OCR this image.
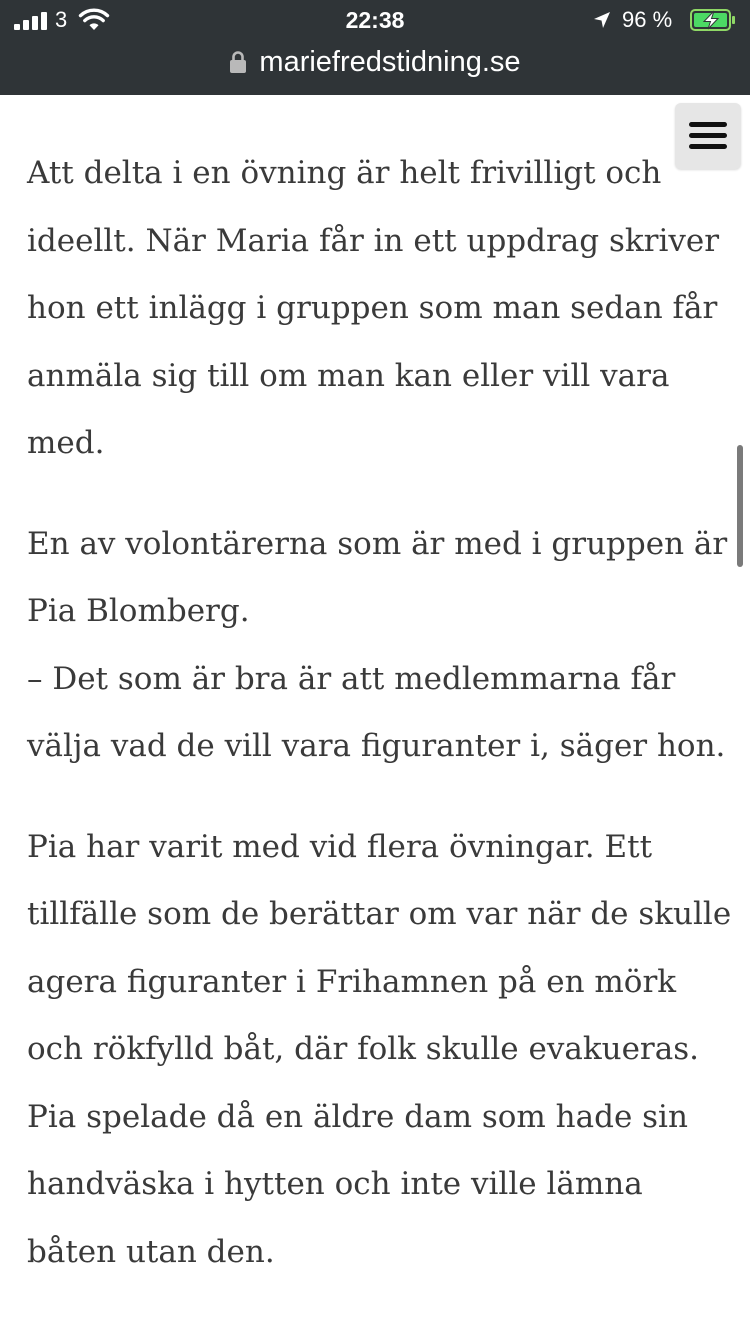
3	22:38	96 %
mariefredstidning.se

Att delta i en övning är helt frivilligt och
ideellt. När Maria får in ett uppdrag skriver
hon ett inlägg i gruppen som man sedan får
anmäla sig till om man kan eller vill vara
med.

En av volontärerna som är med i gruppen är
Pia Blomberg.
– Det som är bra är att medlemmarna får
välja vad de vill vara figuranter i, säger hon.

Pia har varit med vid flera övningar. Ett
tillfälle som de berättar om var när de skulle
agera figuranter i Frihamnen på en mörk
och rökfylld båt, där folk skulle evakueras.
Pia spelade då en äldre dam som hade sin
handväska i hytten och inte ville lämna
båten utan den.
